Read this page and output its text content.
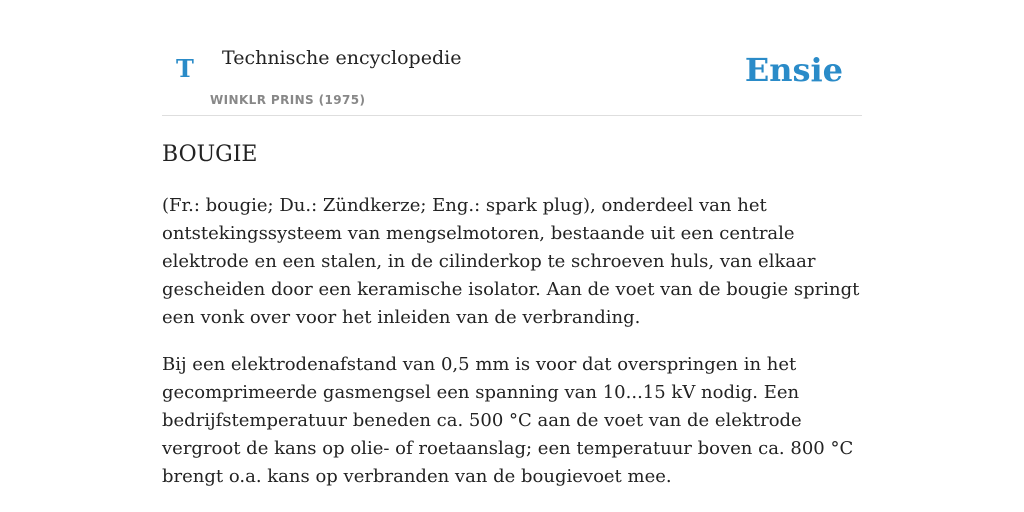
T Technische encyclopedie
WINKLR PRINS (1975)
Ensie
BOUGIE

(Fr.: bougie; Du.: Zündkerze; Eng.: spark plug), onderdeel van het ontstekingssysteem van mengselmotoren, bestaande uit een centrale elektrode en een stalen, in de cilinderkop te schroeven huls, van elkaar gescheiden door een keramische isolator. Aan de voet van de bougie springt een vonk over voor het inleiden van de verbranding.

Bij een elektrodenafstand van 0,5 mm is voor dat overspringen in het gecomprimeerde gasmengsel een spanning van 10...15 kV nodig. Een bedrijfstemperatuur beneden ca. 500 °C aan de voet van de elektrode vergroot de kans op olie- of roetaanslag; een temperatuur boven ca. 800 °C brengt o.a. kans op verbranden van de bougievoet mee.
